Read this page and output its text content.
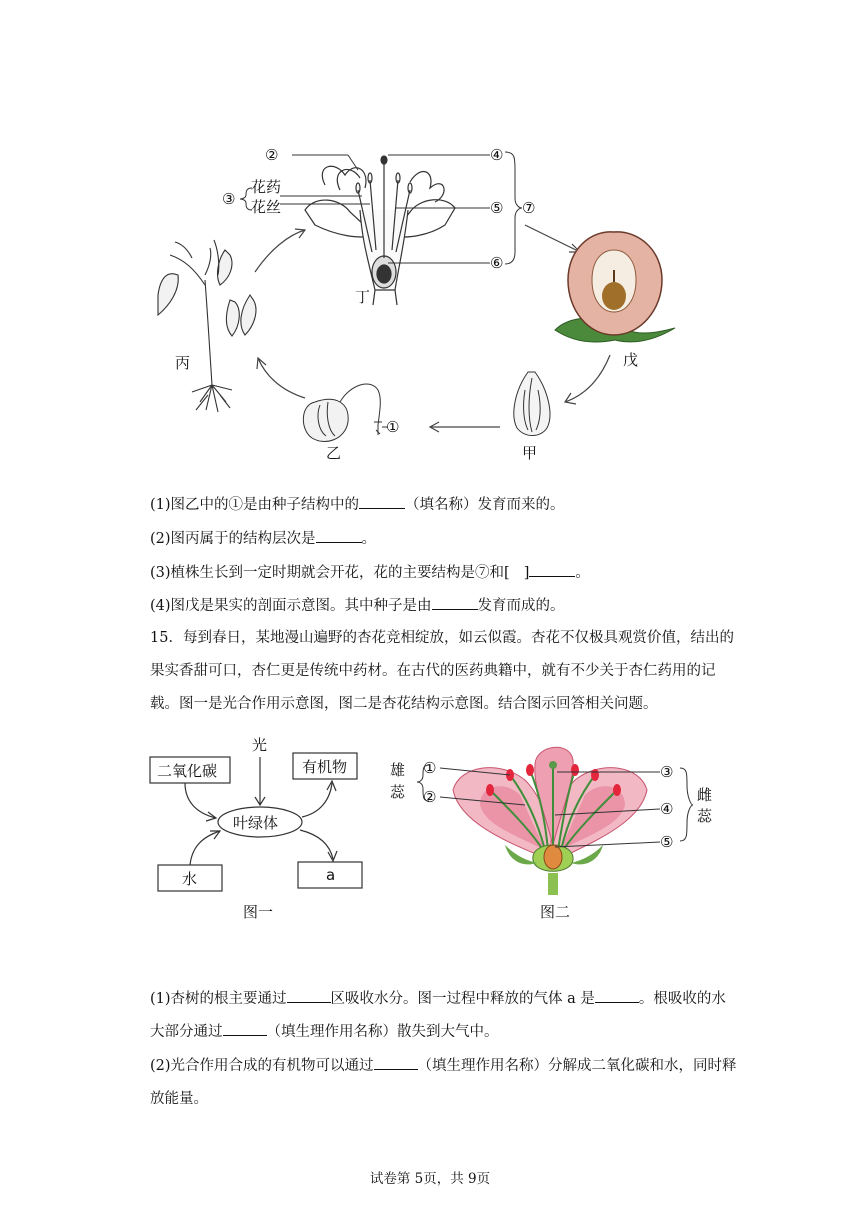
②
③
花药
花丝
④
⑤
⑥
⑦
丁
戊
甲
①
乙
丙
(1)图乙中的①是由种子结构中的	（填名称）发育而来的。
(2)图丙属于的结构层次是	。
(3)植株生长到一定时期就会开花，花的主要结构是⑦和[ ]	。
(4)图戊是果实的剖面示意图。其中种子是由	发育而成的。
15．每到春日，某地漫山遍野的杏花竞相绽放，如云似霞。杏花不仅极具观赏价值，结出的果实香甜可口，杏仁更是传统中药材。在古代的医药典籍中，就有不少关于杏仁药用的记载。图一是光合作用示意图，图二是杏花结构示意图。结合图示回答相关问题。
二氧化碳
光
有机物
叶绿体
水	a
图一
雄
蕊
①
②
③
④
⑤
雌
蕊
图二
(1)杏树的根主要通过	区吸收水分。图一过程中释放的气体 a 是	。根吸收的水大部分通过	（填生理作用名称）散失到大气中。
(2)光合作用合成的有机物可以通过	（填生理作用名称）分解成二氧化碳和水，同时释放能量。
试卷第 5页，共 9页
